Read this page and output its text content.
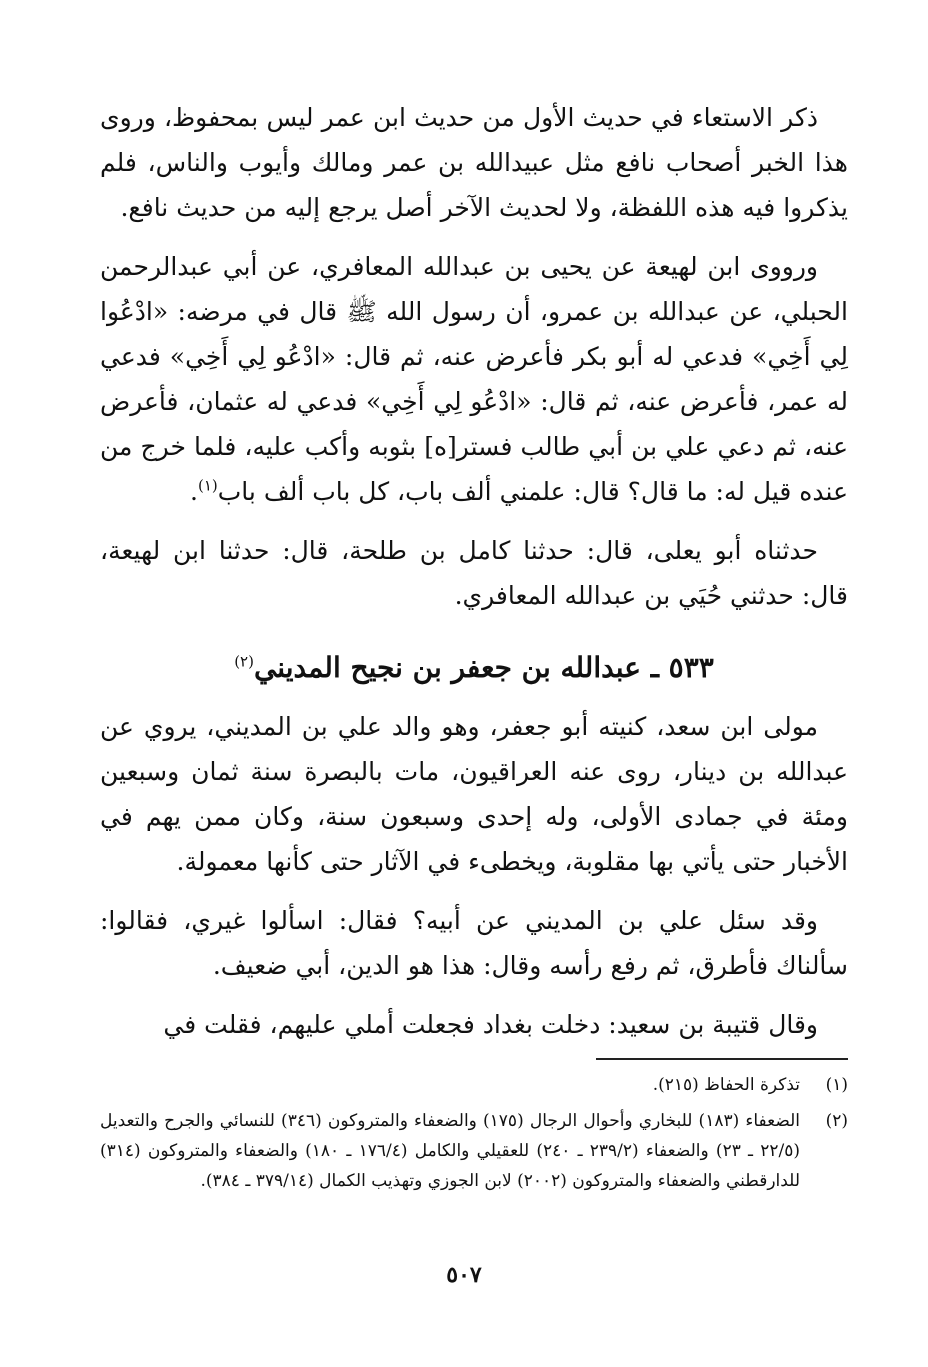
ذكر الاستعاء في حديث الأول من حديث ابن عمر ليس بمحفوظ، وروى هذا الخبر أصحاب نافع مثل عبيدالله بن عمر ومالك وأيوب والناس، فلم يذكروا فيه هذه اللفظة، ولا لحديث الآخر أصل يرجع إليه من حديث نافع.

ورووى ابن لهيعة عن يحيى بن عبدالله المعافري، عن أبي عبدالرحمن الحبلي، عن عبدالله بن عمرو، أن رسول الله ﷺ قال في مرضه: «ادْعُوا لِي أَخِي» فدعي له أبو بكر فأعرض عنه، ثم قال: «ادْعُو لِي أَخِي» فدعي له عمر، فأعرض عنه، ثم قال: «ادْعُو لِي أَخِي» فدعي له عثمان، فأعرض عنه، ثم دعي علي بن أبي طالب فستر[ه] بثوبه وأكب عليه، فلما خرج من عنده قيل له: ما قال؟ قال: علمني ألف باب، كل باب ألف باب$^{(١)}$.

حدثناه أبو يعلى، قال: حدثنا كامل بن طلحة، قال: حدثنا ابن لهيعة، قال: حدثني حُيَي بن عبدالله المعافري.

٥٣٣ ـ عبدالله بن جعفر بن نجيح المديني$^{(٢)}$

مولى ابن سعد، كنيته أبو جعفر، وهو والد علي بن المديني، يروي عن عبدالله بن دينار، روى عنه العراقيون، مات بالبصرة سنة ثمان وسبعين ومئة في جمادى الأولى، وله إحدى وسبعون سنة، وكان ممن يهم في الأخبار حتى يأتي بها مقلوبة، ويخطىء في الآثار حتى كأنها معمولة.

وقد سئل علي بن المديني عن أبيه؟ فقال: اسألوا غيري، فقالوا: سألناك فأطرق، ثم رفع رأسه وقال: هذا هو الدين، أبي ضعيف.

وقال قتيبة بن سعيد: دخلت بغداد فجعلت أملي عليهم، فقلت في

(١)
تذكرة الحفاظ (٢١٥).
(٢)
الضعفاء (١٨٣) للبخاري وأحوال الرجال (١٧٥) والضعفاء والمتروكون (٣٤٦) للنسائي والجرح والتعديل (٢٢/٥ ـ ٢٣) والضعفاء (٢٣٩/٢ ـ ٢٤٠) للعقيلي والكامل (١٧٦/٤ ـ ١٨٠) والضعفاء والمتروكون (٣١٤) للدارقطني والضعفاء والمتروكون (٢٠٠٢) لابن الجوزي وتهذيب الكمال (٣٧٩/١٤ ـ ٣٨٤).
٥٠٧
